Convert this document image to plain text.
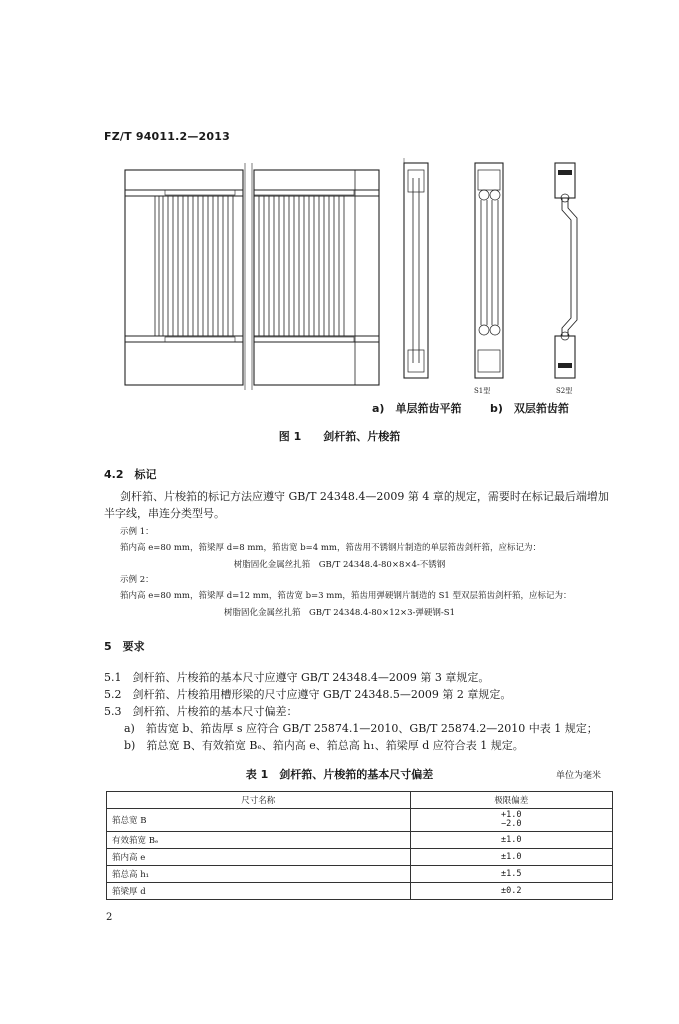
FZ/T 94011.2—2013
S1型	S2型
a)　单层筘齿平筘	b)　双层筘齿筘
图 1　　剑杆筘、片梭筘
4.2　标记
剑杆筘、片梭筘的标记方法应遵守 GB/T 24348.4—2009 第 4 章的规定，需要时在标记最后端增加
半字线，串连分类型号。
示例 1：
筘内高 e=80 mm，筘梁厚 d=8 mm，筘齿宽 b=4 mm，筘齿用不锈钢片制造的单层筘齿剑杆筘，应标记为：
树脂固化金属丝扎筘　GB/T 24348.4-80×8×4-不锈钢
示例 2：
筘内高 e=80 mm，筘梁厚 d=12 mm，筘齿宽 b=3 mm，筘齿用弹硬钢片制造的 S1 型双层筘齿剑杆筘，应标记为：
树脂固化金属丝扎筘　GB/T 24348.4-80×12×3-弹硬钢-S1
5　要求
5.1　剑杆筘、片梭筘的基本尺寸应遵守 GB/T 24348.4—2009 第 3 章规定。
5.2　剑杆筘、片梭筘用槽形梁的尺寸应遵守 GB/T 24348.5—2009 第 2 章规定。
5.3　剑杆筘、片梭筘的基本尺寸偏差：
a)　筘齿宽 b、筘齿厚 s 应符合 GB/T 25874.1—2010、GB/T 25874.2—2010 中表 1 规定；
b)　筘总宽 B、有效筘宽 Bₑ、筘内高 e、筘总高 h₁、筘梁厚 d 应符合表 1 规定。
表 1　剑杆筘、片梭筘的基本尺寸偏差	单位为毫米
尺寸名称	极限偏差
筘总宽 B	+1.0
−2.0
有效筘宽 Bₑ	±1.0
筘内高 e	±1.0
筘总高 h₁	±1.5
筘梁厚 d	±0.2
2
